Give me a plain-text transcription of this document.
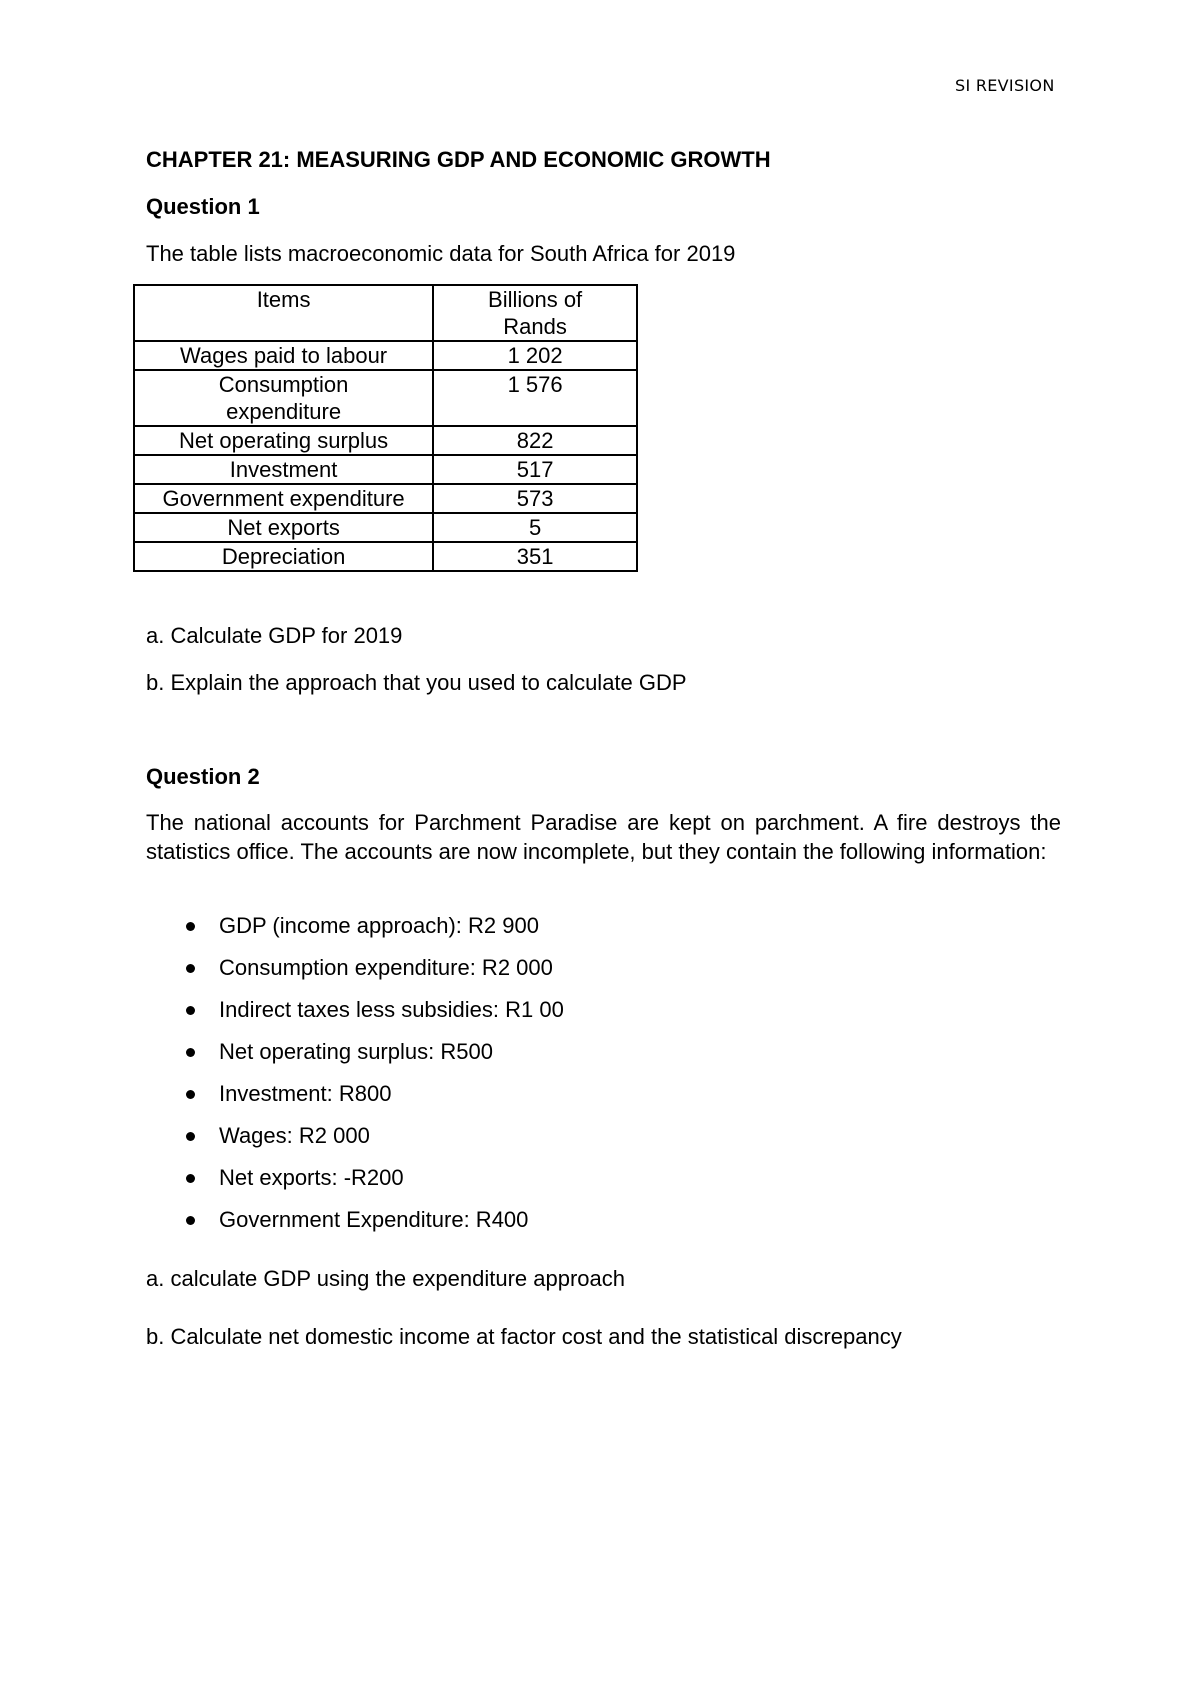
SI REVISION
CHAPTER 21: MEASURING GDP AND ECONOMIC GROWTH
Question 1
The table lists macroeconomic data for South Africa for 2019
Items	Billions of
Rands
Wages paid to labour	1 202
Consumption
expenditure	1 576
Net operating surplus	822
Investment	517
Government expenditure	573
Net exports	5
Depreciation	351
a. Calculate GDP for 2019
b. Explain the approach that you used to calculate GDP
Question 2
The national accounts for Parchment Paradise are kept on parchment. A fire destroys the statistics office. The accounts are now incomplete, but they contain the following information:
GDP (income approach): R2 900
Consumption expenditure: R2 000
Indirect taxes less subsidies: R1 00
Net operating surplus: R500
Investment: R800
Wages: R2 000
Net exports: -R200
Government Expenditure: R400
a. calculate GDP using the expenditure approach
b. Calculate net domestic income at factor cost and the statistical discrepancy
